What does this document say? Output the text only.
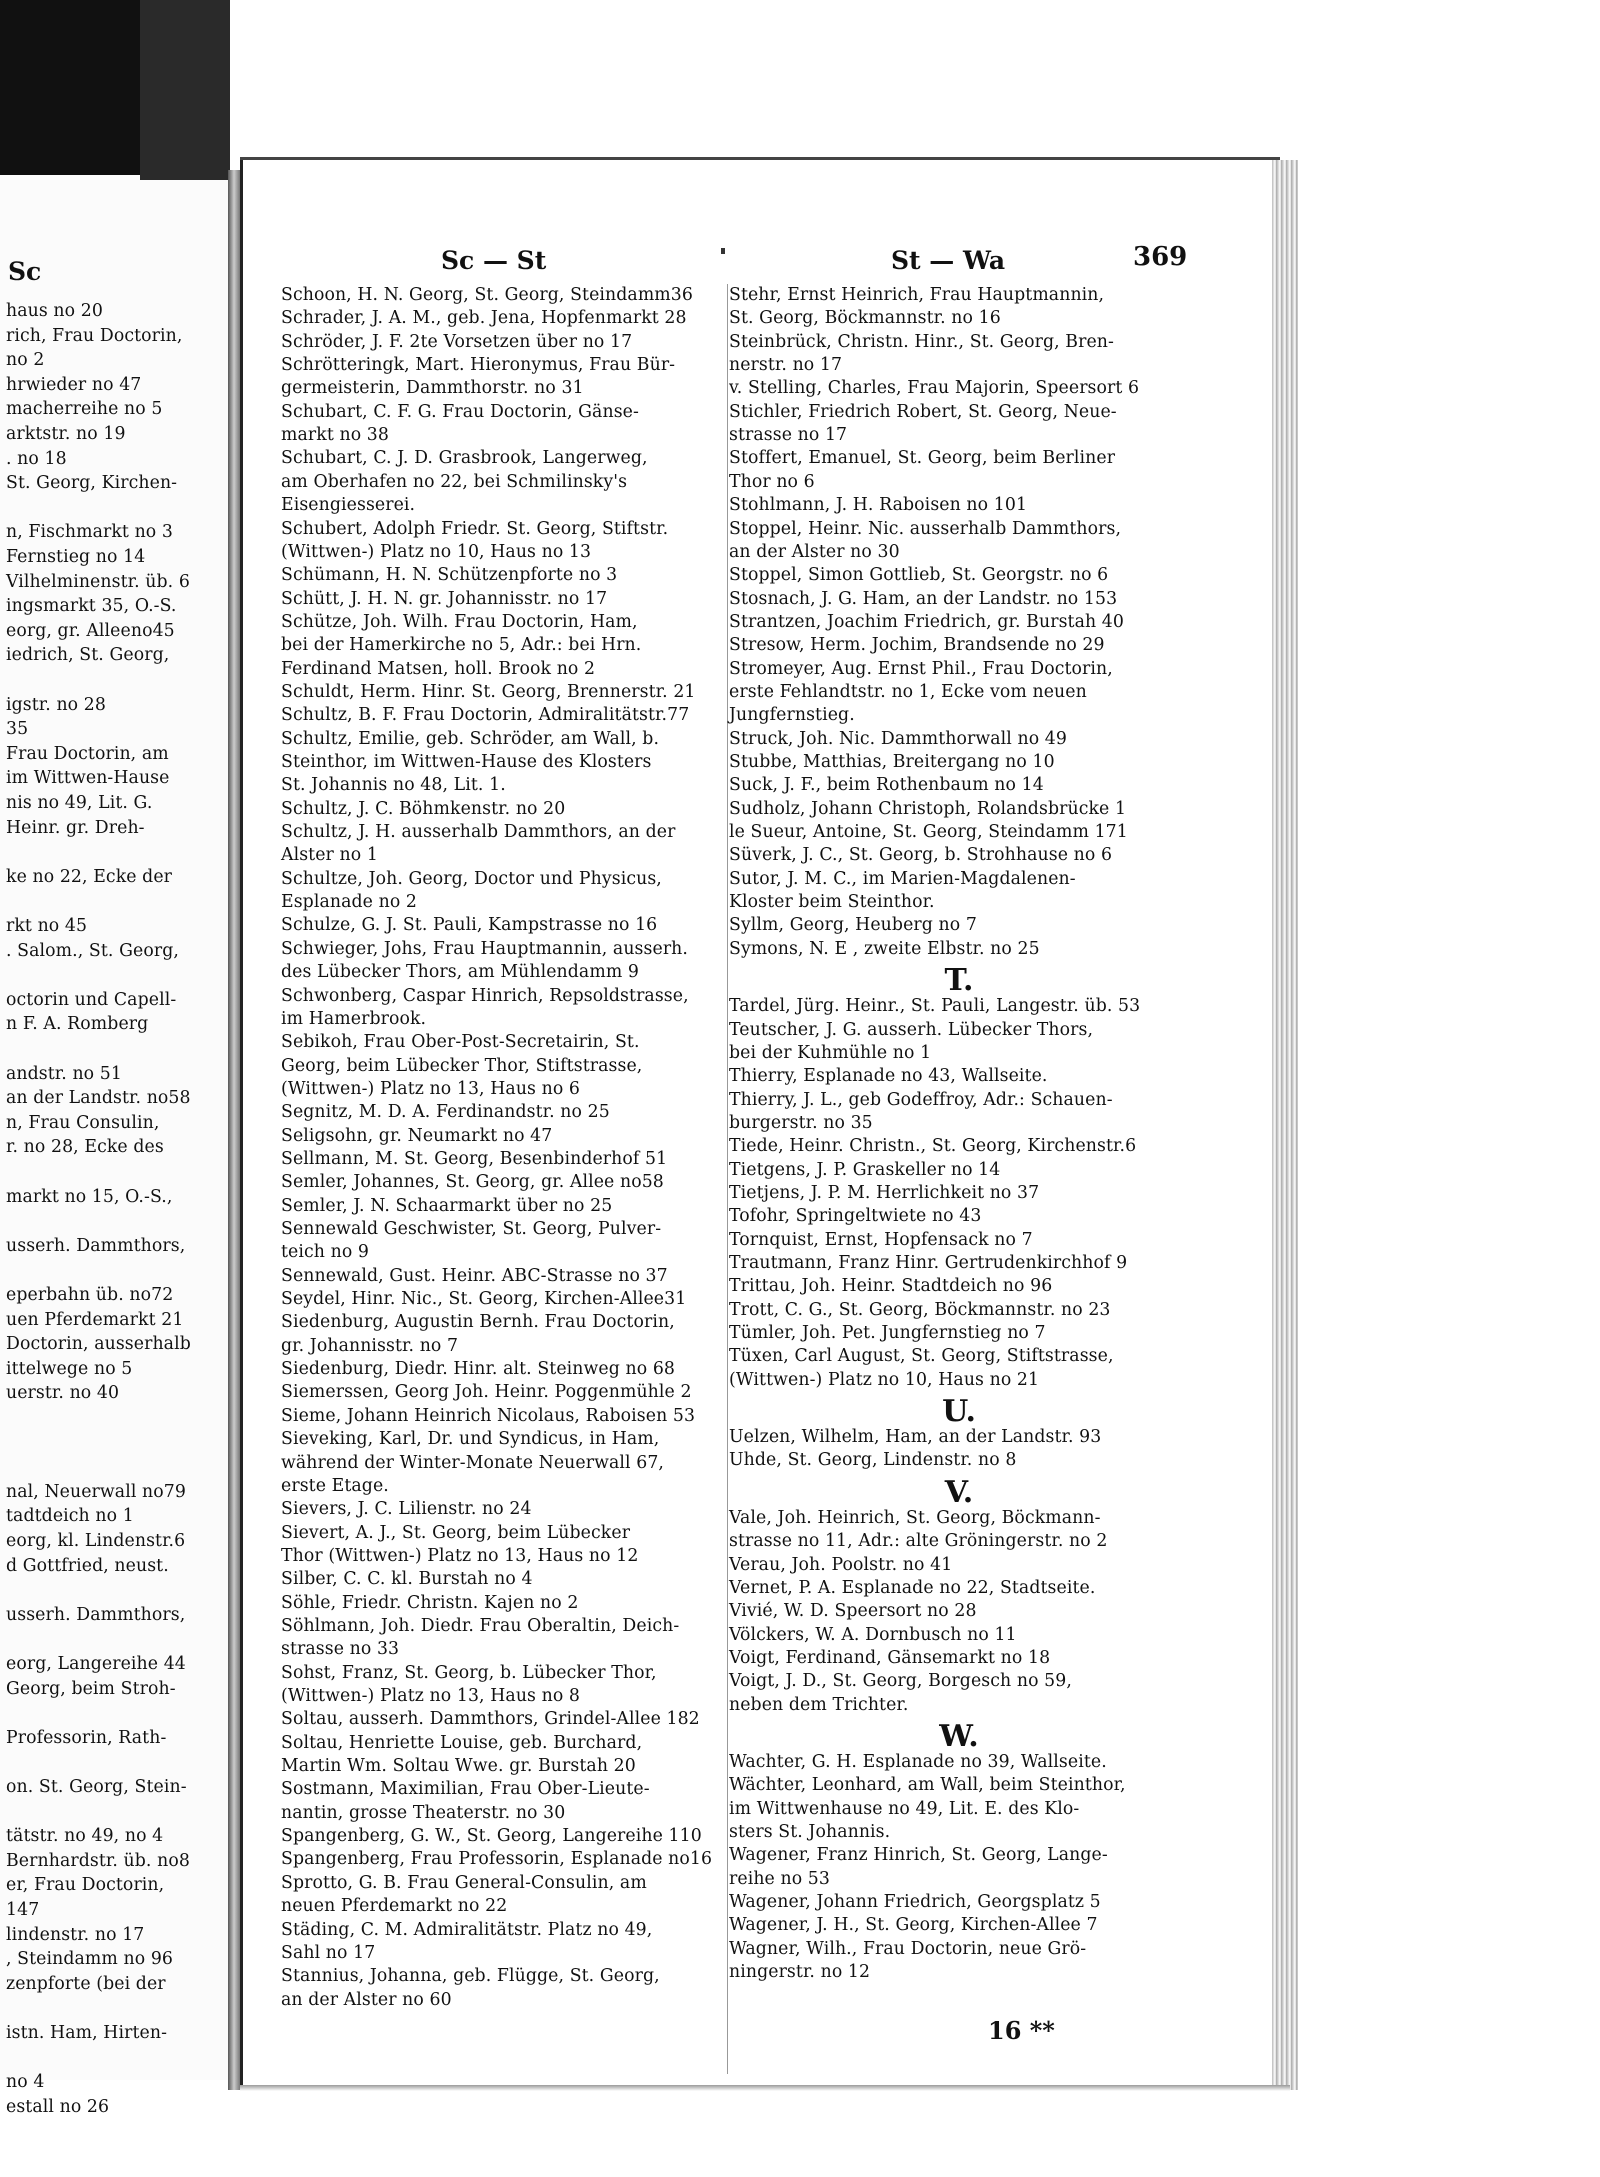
Sc
haus no 20
rich, Frau Doctorin,
no 2
hrwieder no 47
macherreihe no 5
arktstr. no 19
. no 18
St. Georg, Kirchen-
n, Fischmarkt no 3
Fernstieg no 14
Vilhelminenstr. üb. 6
ingsmarkt 35, O.-S.
eorg, gr. Alleeno45
iedrich, St. Georg,
igstr. no 28
35
Frau Doctorin, am
im Wittwen-Hause
nis no 49, Lit. G.
Heinr. gr. Dreh-
ke no 22, Ecke der
rkt no 45
. Salom., St. Georg,
octorin und Capell-
n F. A. Romberg
andstr. no 51
an der Landstr. no58
n, Frau Consulin,
r. no 28, Ecke des
markt no 15, O.-S.,
usserh. Dammthors,
eperbahn üb. no72
uen Pferdemarkt 21
Doctorin, ausserhalb
ittelwege no 5
uerstr. no 40
nal, Neuerwall no79
tadtdeich no 1
eorg, kl. Lindenstr.6
d Gottfried, neust.
usserh. Dammthors,
eorg, Langereihe 44
Georg, beim Stroh-
Professorin, Rath-
on. St. Georg, Stein-
tätstr. no 49, no 4
Bernhardstr. üb. no8
er, Frau Doctorin,
147
lindenstr. no 17
, Steindamm no 96
zenpforte (bei der
istn. Ham, Hirten-
no 4
estall no 26
Sc — St	St — Wa	369
Schoon, H. N. Georg, St. Georg, Steindamm36
Schrader, J. A. M., geb. Jena, Hopfenmarkt 28
Schröder, J. F. 2te Vorsetzen über no 17
Schrötteringk, Mart. Hieronymus, Frau Bür-
germeisterin, Dammthorstr. no 31
Schubart, C. F. G. Frau Doctorin, Gänse-
markt no 38
Schubart, C. J. D. Grasbrook, Langerweg,
am Oberhafen no 22, bei Schmilinsky's
Eisengiesserei.
Schubert, Adolph Friedr. St. Georg, Stiftstr.
(Wittwen-) Platz no 10, Haus no 13
Schümann, H. N. Schützenpforte no 3
Schütt, J. H. N. gr. Johannisstr. no 17
Schütze, Joh. Wilh. Frau Doctorin, Ham,
bei der Hamerkirche no 5, Adr.: bei Hrn.
Ferdinand Matsen, holl. Brook no 2
Schuldt, Herm. Hinr. St. Georg, Brennerstr. 21
Schultz, B. F. Frau Doctorin, Admiralitätstr.77
Schultz, Emilie, geb. Schröder, am Wall, b.
Steinthor, im Wittwen-Hause des Klosters
St. Johannis no 48, Lit. 1.
Schultz, J. C. Böhmkenstr. no 20
Schultz, J. H. ausserhalb Dammthors, an der
Alster no 1
Schultze, Joh. Georg, Doctor und Physicus,
Esplanade no 2
Schulze, G. J. St. Pauli, Kampstrasse no 16
Schwieger, Johs, Frau Hauptmannin, ausserh.
des Lübecker Thors, am Mühlendamm 9
Schwonberg, Caspar Hinrich, Repsoldstrasse,
im Hamerbrook.
Sebikoh, Frau Ober-Post-Secretairin, St.
Georg, beim Lübecker Thor, Stiftstrasse,
(Wittwen-) Platz no 13, Haus no 6
Segnitz, M. D. A. Ferdinandstr. no 25
Seligsohn, gr. Neumarkt no 47
Sellmann, M. St. Georg, Besenbinderhof 51
Semler, Johannes, St. Georg, gr. Allee no58
Semler, J. N. Schaarmarkt über no 25
Sennewald Geschwister, St. Georg, Pulver-
teich no 9
Sennewald, Gust. Heinr. ABC-Strasse no 37
Seydel, Hinr. Nic., St. Georg, Kirchen-Allee31
Siedenburg, Augustin Bernh. Frau Doctorin,
gr. Johannisstr. no 7
Siedenburg, Diedr. Hinr. alt. Steinweg no 68
Siemerssen, Georg Joh. Heinr. Poggenmühle 2
Sieme, Johann Heinrich Nicolaus, Raboisen 53
Sieveking, Karl, Dr. und Syndicus, in Ham,
während der Winter-Monate Neuerwall 67,
erste Etage.
Sievers, J. C. Lilienstr. no 24
Sievert, A. J., St. Georg, beim Lübecker
Thor (Wittwen-) Platz no 13, Haus no 12
Silber, C. C. kl. Burstah no 4
Söhle, Friedr. Christn. Kajen no 2
Söhlmann, Joh. Diedr. Frau Oberaltin, Deich-
strasse no 33
Sohst, Franz, St. Georg, b. Lübecker Thor,
(Wittwen-) Platz no 13, Haus no 8
Soltau, ausserh. Dammthors, Grindel-Allee 182
Soltau, Henriette Louise, geb. Burchard,
Martin Wm. Soltau Wwe. gr. Burstah 20
Sostmann, Maximilian, Frau Ober-Lieute-
nantin, grosse Theaterstr. no 30
Spangenberg, G. W., St. Georg, Langereihe 110
Spangenberg, Frau Professorin, Esplanade no16
Sprotto, G. B. Frau General-Consulin, am
neuen Pferdemarkt no 22
Städing, C. M. Admiralitätstr. Platz no 49,
Sahl no 17
Stannius, Johanna, geb. Flügge, St. Georg,
an der Alster no 60
Stehr, Ernst Heinrich, Frau Hauptmannin,
St. Georg, Böckmannstr. no 16
Steinbrück, Christn. Hinr., St. Georg, Bren-
nerstr. no 17
v. Stelling, Charles, Frau Majorin, Speersort 6
Stichler, Friedrich Robert, St. Georg, Neue-
strasse no 17
Stoffert, Emanuel, St. Georg, beim Berliner
Thor no 6
Stohlmann, J. H. Raboisen no 101
Stoppel, Heinr. Nic. ausserhalb Dammthors,
an der Alster no 30
Stoppel, Simon Gottlieb, St. Georgstr. no 6
Stosnach, J. G. Ham, an der Landstr. no 153
Strantzen, Joachim Friedrich, gr. Burstah 40
Stresow, Herm. Jochim, Brandsende no 29
Stromeyer, Aug. Ernst Phil., Frau Doctorin,
erste Fehlandtstr. no 1, Ecke vom neuen
Jungfernstieg.
Struck, Joh. Nic. Dammthorwall no 49
Stubbe, Matthias, Breitergang no 10
Suck, J. F., beim Rothenbaum no 14
Sudholz, Johann Christoph, Rolandsbrücke 1
le Sueur, Antoine, St. Georg, Steindamm 171
Süverk, J. C., St. Georg, b. Strohhause no 6
Sutor, J. M. C., im Marien-Magdalenen-
Kloster beim Steinthor.
Syllm, Georg, Heuberg no 7
Symons, N. E , zweite Elbstr. no 25
T.
Tardel, Jürg. Heinr., St. Pauli, Langestr. üb. 53
Teutscher, J. G. ausserh. Lübecker Thors,
bei der Kuhmühle no 1
Thierry, Esplanade no 43, Wallseite.
Thierry, J. L., geb Godeffroy, Adr.: Schauen-
burgerstr. no 35
Tiede, Heinr. Christn., St. Georg, Kirchenstr.6
Tietgens, J. P. Graskeller no 14
Tietjens, J. P. M. Herrlichkeit no 37
Tofohr, Springeltwiete no 43
Tornquist, Ernst, Hopfensack no 7
Trautmann, Franz Hinr. Gertrudenkirchhof 9
Trittau, Joh. Heinr. Stadtdeich no 96
Trott, C. G., St. Georg, Böckmannstr. no 23
Tümler, Joh. Pet. Jungfernstieg no 7
Tüxen, Carl August, St. Georg, Stiftstrasse,
(Wittwen-) Platz no 10, Haus no 21
U.
Uelzen, Wilhelm, Ham, an der Landstr. 93
Uhde, St. Georg, Lindenstr. no 8
V.
Vale, Joh. Heinrich, St. Georg, Böckmann-
strasse no 11, Adr.: alte Gröningerstr. no 2
Verau, Joh. Poolstr. no 41
Vernet, P. A. Esplanade no 22, Stadtseite.
Vivié, W. D. Speersort no 28
Völckers, W. A. Dornbusch no 11
Voigt, Ferdinand, Gänsemarkt no 18
Voigt, J. D., St. Georg, Borgesch no 59,
neben dem Trichter.
W.
Wachter, G. H. Esplanade no 39, Wallseite.
Wächter, Leonhard, am Wall, beim Steinthor,
im Wittwenhause no 49, Lit. E. des Klo-
sters St. Johannis.
Wagener, Franz Hinrich, St. Georg, Lange-
reihe no 53
Wagener, Johann Friedrich, Georgsplatz 5
Wagener, J. H., St. Georg, Kirchen-Allee 7
Wagner, Wilh., Frau Doctorin, neue Grö-
ningerstr. no 12
16 **
